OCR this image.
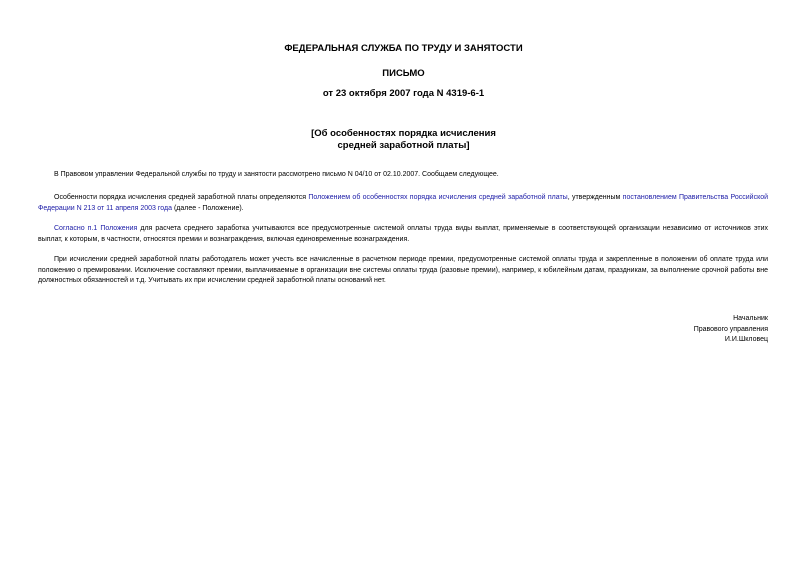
ФЕДЕРАЛЬНАЯ СЛУЖБА ПО ТРУДУ И ЗАНЯТОСТИ
ПИСЬМО
от 23 октября 2007 года N 4319-6-1
[Об особенностях порядка исчисления
средней заработной платы]

В Правовом управлении Федеральной службы по труду и занятости рассмотрено письмо N 04/10 от 02.10.2007. Сообщаем следующее.

Особенности порядка исчисления средней заработной платы определяются Положением об особенностях порядка исчисления средней заработной платы, утвержденным постановлением Правительства Российской Федерации N 213 от 11 апреля 2003 года (далее - Положение).

Согласно п.1 Положения для расчета среднего заработка учитываются все предусмотренные системой оплаты труда виды выплат, применяемые в соответствующей организации независимо от источников этих выплат, к которым, в частности, относятся премии и вознаграждения, включая единовременные вознаграждения.

При исчислении средней заработной платы работодатель может учесть все начисленные в расчетном периоде премии, предусмотренные системой оплаты труда и закрепленные в положении об оплате труда или положению о премировании. Исключение составляют премии, выплачиваемые в организации вне системы оплаты труда (разовые премии), например, к юбилейным датам, праздникам, за выполнение срочной работы вне должностных обязанностей и т.д. Учитывать их при исчислении средней заработной платы оснований нет.

Начальник
Правового управления
И.И.Шкловец
